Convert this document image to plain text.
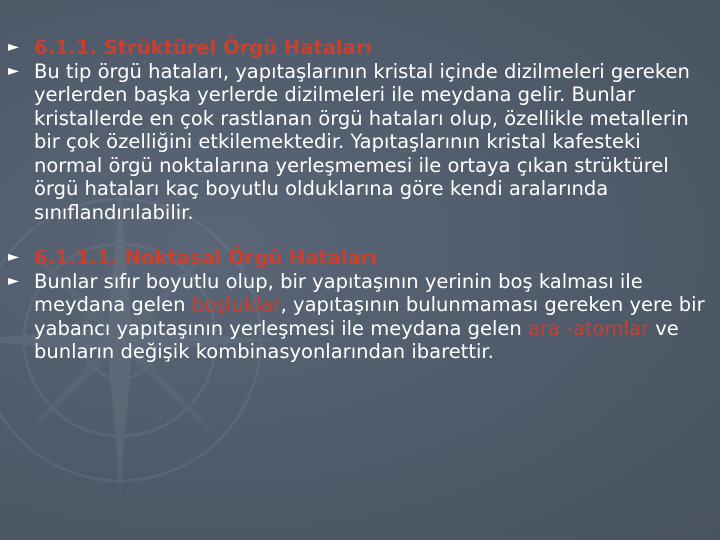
► 6.1.1. Strüktürel Örgü Hataları
► Bu tip örgü hataları, yapıtaşlarının kristal içinde dizilmeleri gereken yerlerden başka yerlerde dizilmeleri ile meydana gelir. Bunlar kristallerde en çok rastlanan örgü hataları olup, özellikle metallerin bir çok özelliğini etkilemektedir. Yapıtaşlarının kristal kafesteki normal örgü noktalarına yerleşmemesi ile ortaya çıkan strüktürel örgü hataları kaç boyutlu olduklarına göre kendi aralarında sınıflandırılabilir.
► 6.1.1.1. Noktasal Örgü Hataları
► Bunlar sıfır boyutlu olup, bir yapıtaşının yerinin boş kalması ile meydana gelen boşluklar, yapıtaşının bulunmaması gereken yere bir yabancı yapıtaşının yerleşmesi ile meydana gelen ara -atomlar ve bunların değişik kombinasyonlarından ibarettir.
